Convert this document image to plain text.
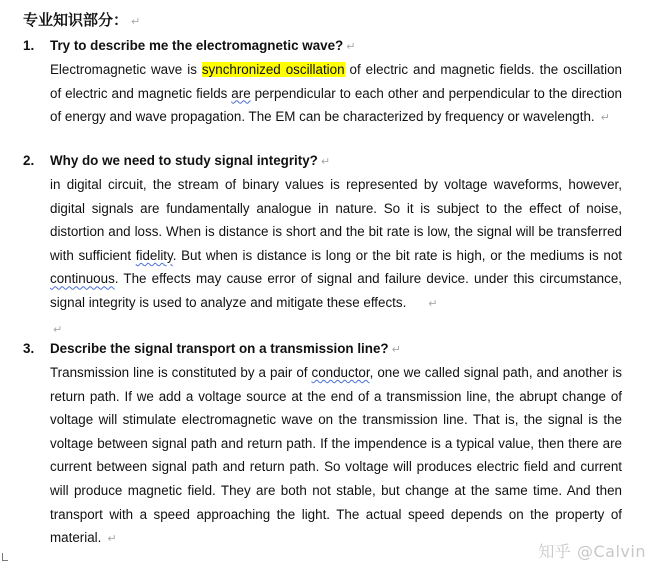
专业知识部分： ↵
1.	Try to describe me the electromagnetic wave? ↵
Electromagnetic wave is synchronized oscillation of electric and magnetic fields. the oscillation of electric and magnetic fields are perpendicular to each other and perpendicular to the direction of energy and wave propagation. The EM can be characterized by frequency or wavelength. ↵
2.	Why do we need to study signal integrity? ↵
in digital circuit, the stream of binary values is represented by voltage waveforms, however, digital signals are fundamentally analogue in nature. So it is subject to the effect of noise, distortion and loss. When is distance is short and the bit rate is low, the signal will be transferred with sufficient fidelity. But when is distance is long or the bit rate is high, or the mediums is not continuous. The effects may cause error of signal and failure device. under this circumstance, signal integrity is used to analyze and mitigate these effects. ↵
↵
3.	Describe the signal transport on a transmission line? ↵
Transmission line is constituted by a pair of conductor, one we called signal path, and another is return path. If we add a voltage source at the end of a transmission line, the abrupt change of voltage will stimulate electromagnetic wave on the transmission line. That is, the signal is the voltage between signal path and return path. If the impendence is a typical value, then there are current between signal path and return path. So voltage will produces electric field and current will produce magnetic field. They are both not stable, but change at the same time. And then transport with a speed approaching the light. The actual speed depends on the property of material. ↵
知乎 @Calvin
